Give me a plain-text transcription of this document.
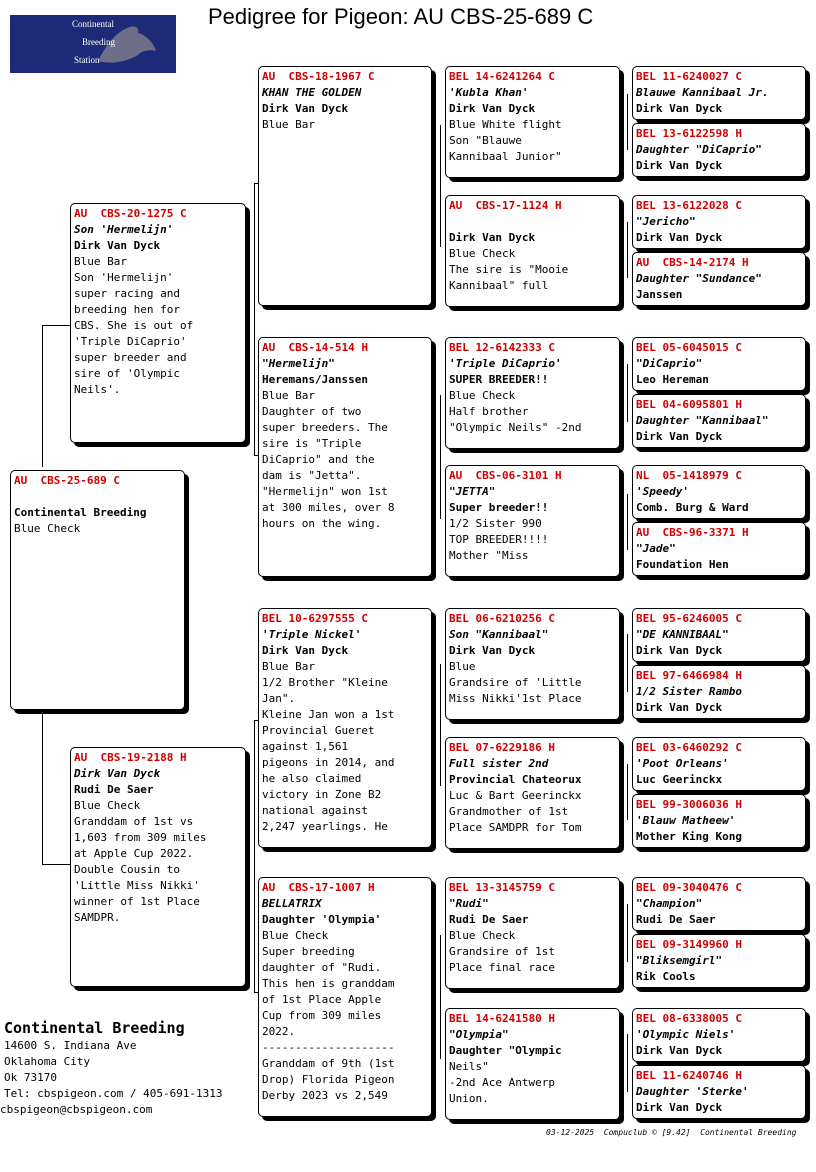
Pedigree for Pigeon: AU CBS-25-689 C
Continental
Breeding
Station
AU  CBS-25-689 C
Continental Breeding
Blue Check
AU  CBS-20-1275 C
Son 'Hermelijn'
Dirk Van Dyck
Blue Bar
Son 'Hermelijn'
super racing and
breeding hen for
CBS. She is out of
'Triple DiCaprio'
super breeder and
sire of 'Olympic
Neils'.
AU  CBS-19-2188 H
Dirk Van Dyck
Rudi De Saer
Blue Check
Granddam of 1st vs
1,603 from 309 miles
at Apple Cup 2022.
Double Cousin to
'Little Miss Nikki'
winner of 1st Place
SAMDPR.
AU  CBS-18-1967 C
KHAN THE GOLDEN
Dirk Van Dyck
Blue Bar
AU  CBS-14-514 H
"Hermelijn"
Heremans/Janssen
Blue Bar
Daughter of two
super breeders. The
sire is "Triple
DiCaprio" and the
dam is "Jetta".
"Hermelijn" won 1st
at 300 miles, over 8
hours on the wing.
BEL 10-6297555 C
'Triple Nickel'
Dirk Van Dyck
Blue Bar
1/2 Brother "Kleine
Jan".
Kleine Jan won a 1st
Provincial Gueret
against 1,561
pigeons in 2014, and
he also claimed
victory in Zone B2
national against
2,247 yearlings. He
AU  CBS-17-1007 H
BELLATRIX
Daughter 'Olympia'
Blue Check
Super breeding
daughter of "Rudi.
This hen is granddam
of 1st Place Apple
Cup from 309 miles
2022.
--------------------
Granddam of 9th (1st
Drop) Florida Pigeon
Derby 2023 vs 2,549
BEL 14-6241264 C
'Kubla Khan'
Dirk Van Dyck
Blue White flight
Son "Blauwe
Kannibaal Junior"
AU  CBS-17-1124 H
Dirk Van Dyck
Blue Check
The sire is "Mooie
Kannibaal" full
BEL 12-6142333 C
'Triple DiCaprio'
SUPER BREEDER!!
Blue Check
Half brother
"Olympic Neils" -2nd
AU  CBS-06-3101 H
"JETTA"
Super breeder!!
1/2 Sister 990
TOP BREEDER!!!!
Mother "Miss
BEL 06-6210256 C
Son "Kannibaal"
Dirk Van Dyck
Blue
Grandsire of 'Little
Miss Nikki'1st Place
BEL 07-6229186 H
Full sister 2nd
Provincial Chateorux
Luc & Bart Geerinckx
Grandmother of 1st
Place SAMDPR for Tom
BEL 13-3145759 C
"Rudi"
Rudi De Saer
Blue Check
Grandsire of 1st
Place final race
BEL 14-6241580 H
"Olympia"
Daughter "Olympic
Neils"
-2nd Ace Antwerp
Union.
BEL 11-6240027 C
Blauwe Kannibaal Jr.
Dirk Van Dyck
BEL 13-6122598 H
Daughter "DiCaprio"
Dirk Van Dyck
BEL 13-6122028 C
"Jericho"
Dirk Van Dyck
AU  CBS-14-2174 H
Daughter "Sundance"
Janssen
BEL 05-6045015 C
"DiCaprio"
Leo Hereman
BEL 04-6095801 H
Daughter "Kannibaal"
Dirk Van Dyck
NL  05-1418979 C
'Speedy'
Comb. Burg & Ward
AU  CBS-96-3371 H
"Jade"
Foundation Hen
BEL 95-6246005 C
"DE KANNIBAAL"
Dirk Van Dyck
BEL 97-6466984 H
1/2 Sister Rambo
Dirk Van Dyck
BEL 03-6460292 C
'Poot Orleans'
Luc Geerinckx
BEL 99-3006036 H
'Blauw Matheew'
Mother King Kong
BEL 09-3040476 C
"Champion"
Rudi De Saer
BEL 09-3149960 H
"Bliksemgirl"
Rik Cools
BEL 08-6338005 C
'Olympic Niels'
Dirk Van Dyck
BEL 11-6240746 H
Daughter 'Sterke'
Dirk Van Dyck
Continental Breeding
14600 S. Indiana Ave
Oklahoma City
Ok 73170
Tel: cbspigeon.com / 405-691-1313
cbspigeon@cbspigeon.com
03-12-2025  Compuclub © [9.42]  Continental Breeding
